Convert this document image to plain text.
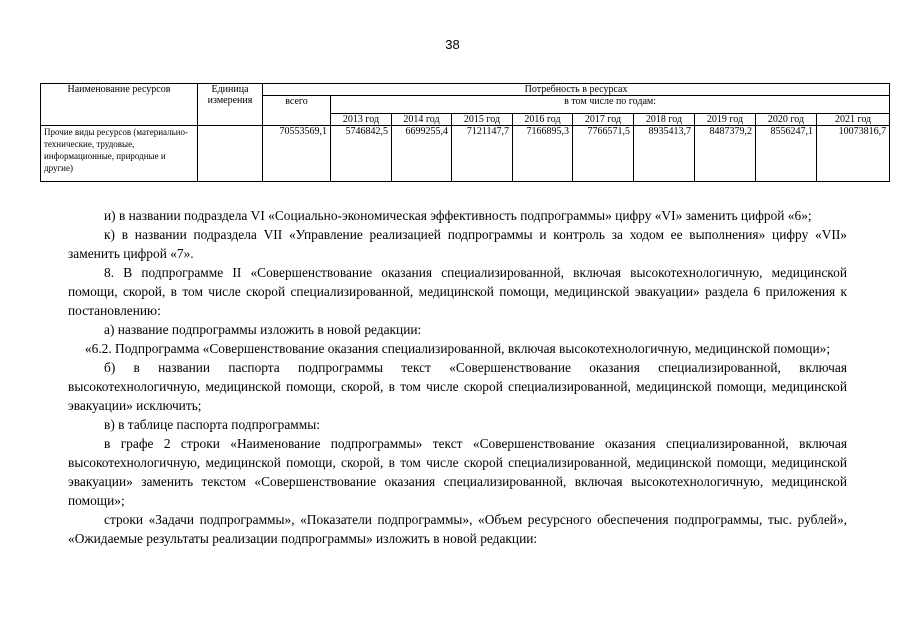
38
Наименование ресурсов	Единица измерения	Потребность в ресурсах									
		всего	в том числе по годам:								
			2013 год	2014 год	2015 год	2016 год	2017 год	2018 год	2019 год	2020 год	2021 год
Прочие виды ресурсов (материально-технические, трудовые, информационные, природные и другие)		70553569,1	5746842,5	6699255,4	7121147,7	7166895,3	7766571,5	8935413,7	8487379,2	8556247,1	10073816,7

и) в названии подраздела VI «Социально-экономическая эффективность подпрограммы» цифру «VI» заменить цифрой «6»;

к) в названии подраздела VII «Управление реализацией подпрограммы и контроль за ходом ее выполнения» цифру «VII» заменить цифрой «7».

8. В подпрограмме II «Совершенствование оказания специализированной, включая высокотехнологичную, медицинской помощи, скорой, в том числе скорой специализированной, медицинской помощи, медицинской эвакуации» раздела 6 приложения к постановлению:

а) название подпрограммы изложить в новой редакции:

«6.2. Подпрограмма «Совершенствование оказания специализированной, включая высокотехнологичную, медицинской помощи»;

б) в названии паспорта подпрограммы текст «Совершенствование оказания специализированной, включая высокотехнологичную, медицинской помощи, скорой, в том числе скорой специализированной, медицинской помощи, медицинской эвакуации» исключить;

в) в таблице паспорта подпрограммы:

в графе 2 строки «Наименование подпрограммы» текст «Совершенствование оказания специализированной, включая высокотехнологичную, медицинской помощи, скорой, в том числе скорой специализированной, медицинской помощи, медицинской эвакуации» заменить текстом «Совершенствование оказания специализированной, включая высокотехнологичную, медицинской помощи»;

строки «Задачи подпрограммы», «Показатели подпрограммы», «Объем ресурсного обеспечения подпрограммы, тыс. рублей», «Ожидаемые результаты реализации подпрограммы» изложить в новой редакции:
